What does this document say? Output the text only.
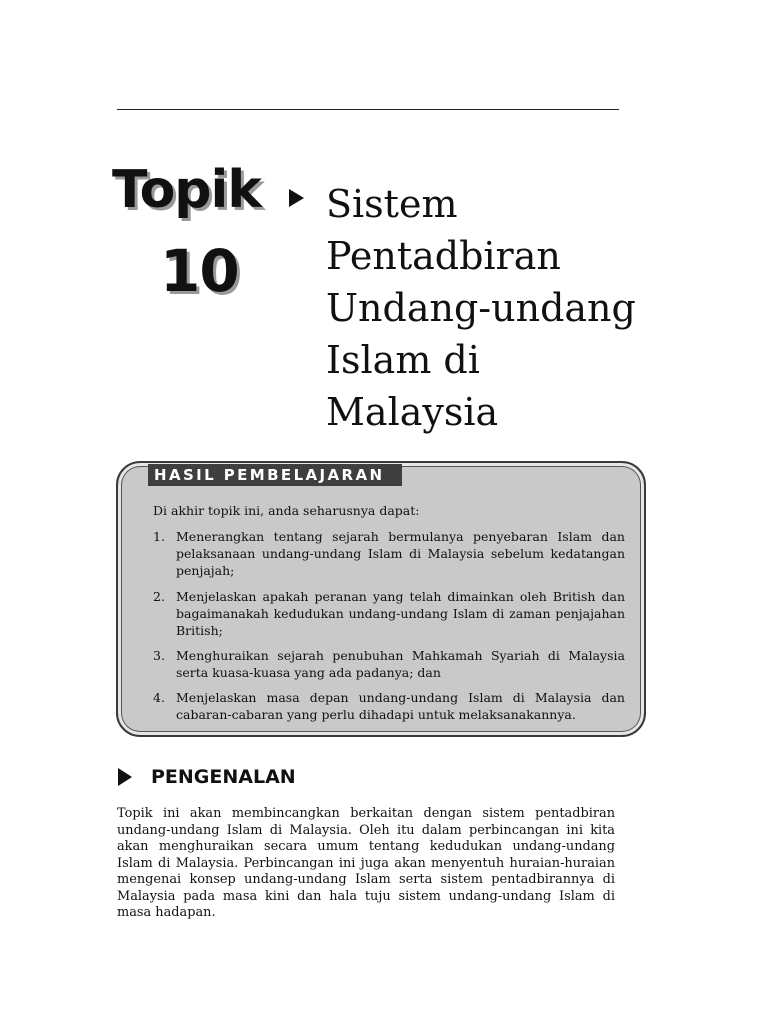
Topik
10
Sistem
Pentadbiran
Undang-undang
Islam di
Malaysia
HASIL PEMBELAJARAN
Di akhir topik ini, anda seharusnya dapat:
1. Menerangkan tentang sejarah bermulanya penyebaran Islam dan pelaksanaan undang-undang Islam di Malaysia sebelum kedatangan penjajah;
2. Menjelaskan apakah peranan yang telah dimainkan oleh British dan bagaimanakah kedudukan undang-undang Islam di zaman penjajahan British;
3. Menghuraikan sejarah penubuhan Mahkamah Syariah di Malaysia serta kuasa-kuasa yang ada padanya; dan
4. Menjelaskan masa depan undang-undang Islam di Malaysia dan cabaran-cabaran yang perlu dihadapi untuk melaksanakannya.
PENGENALAN
Topik ini akan membincangkan berkaitan dengan sistem pentadbiran undang-undang Islam di Malaysia. Oleh itu dalam perbincangan ini kita akan menghuraikan secara umum tentang kedudukan undang-undang Islam di Malaysia. Perbincangan ini juga akan menyentuh huraian-huraian mengenai konsep undang-undang Islam serta sistem pentadbirannya di Malaysia pada masa kini dan hala tuju sistem undang-undang Islam di masa hadapan.
